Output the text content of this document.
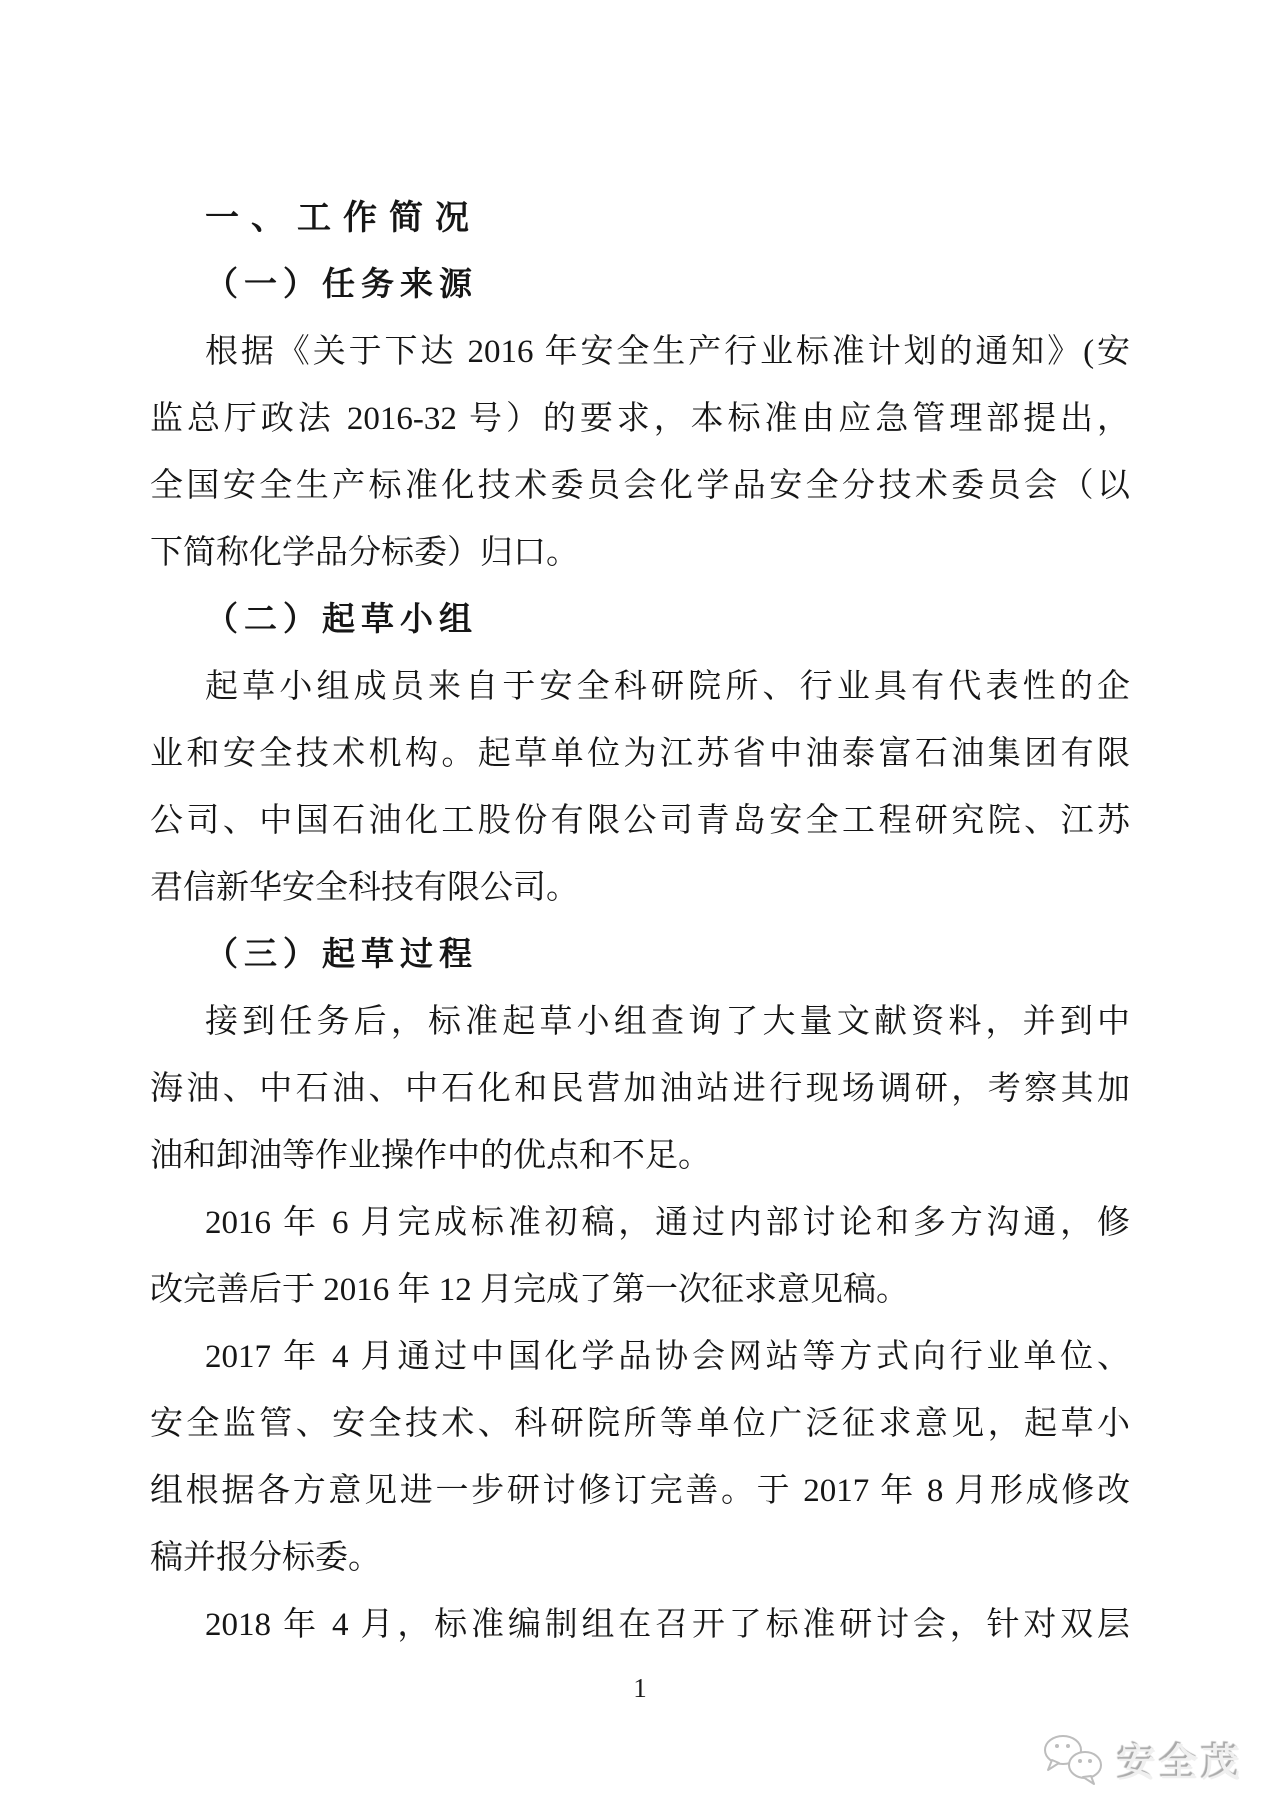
一、工作简况
（一）任务来源
根据《关于下达 2016 年安全生产行业标准计划的通知》(安
监总厅政法 2016-32 号）的要求，本标准由应急管理部提出，
全国安全生产标准化技术委员会化学品安全分技术委员会（以
下简称化学品分标委）归口。
（二）起草小组
起草小组成员来自于安全科研院所、行业具有代表性的企
业和安全技术机构。起草单位为江苏省中油泰富石油集团有限
公司、中国石油化工股份有限公司青岛安全工程研究院、江苏
君信新华安全科技有限公司。
（三）起草过程
接到任务后，标准起草小组查询了大量文献资料，并到中
海油、中石油、中石化和民营加油站进行现场调研，考察其加
油和卸油等作业操作中的优点和不足。
2016 年 6 月完成标准初稿，通过内部讨论和多方沟通，修
改完善后于 2016 年 12 月完成了第一次征求意见稿。
2017 年 4 月通过中国化学品协会网站等方式向行业单位、
安全监管、安全技术、科研院所等单位广泛征求意见，起草小
组根据各方意见进一步研讨修订完善。于 2017 年 8 月形成修改
稿并报分标委。
2018 年 4 月，标准编制组在召开了标准研讨会，针对双层
1
安全茂
